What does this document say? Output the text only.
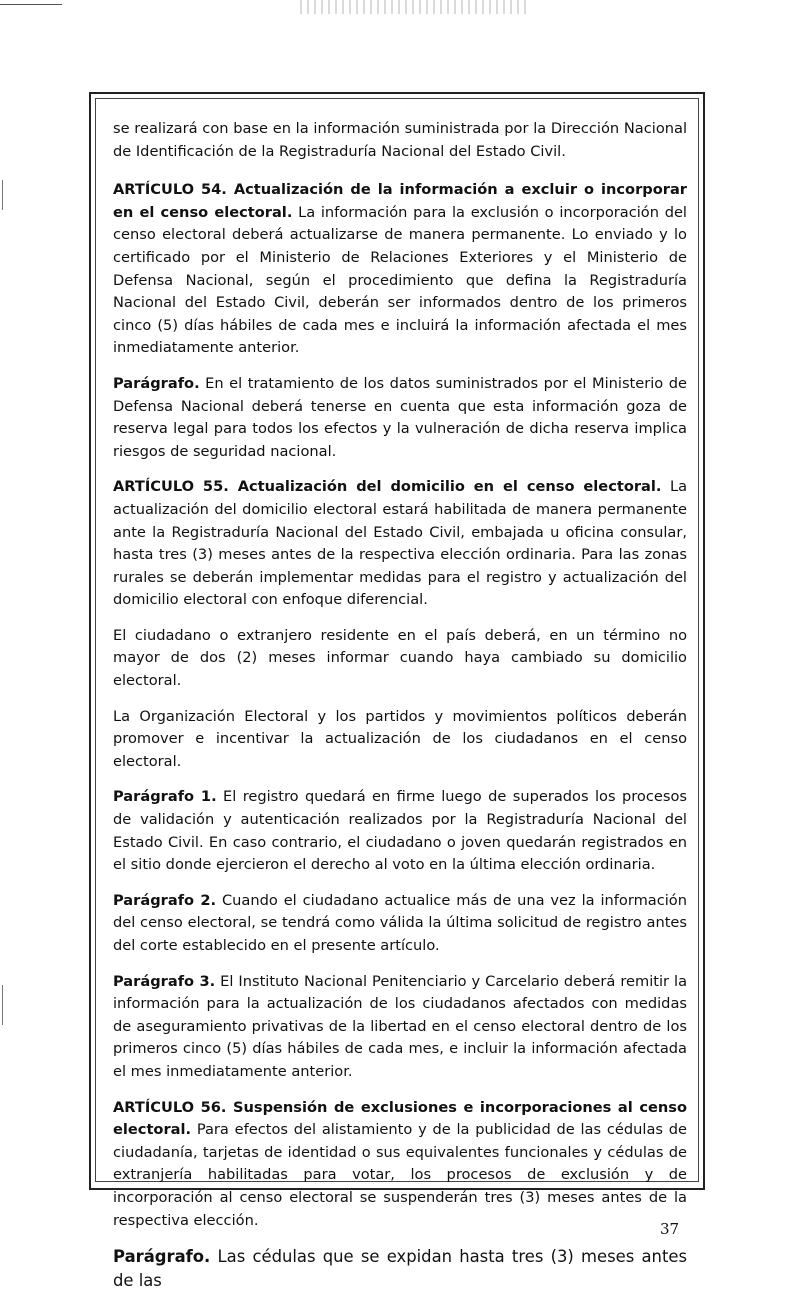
se realizará con base en la información suministrada por la Dirección Nacional de Identificación de la Registraduría Nacional del Estado Civil.

ARTÍCULO 54. Actualización de la información a excluir o incorporar en el censo electoral. La información para la exclusión o incorporación del censo electoral deberá actualizarse de manera permanente. Lo enviado y lo certificado por el Ministerio de Relaciones Exteriores y el Ministerio de Defensa Nacional, según el procedimiento que defina la Registraduría Nacional del Estado Civil, deberán ser informados dentro de los primeros cinco (5) días hábiles de cada mes e incluirá la información afectada el mes inmediatamente anterior.

Parágrafo. En el tratamiento de los datos suministrados por el Ministerio de Defensa Nacional deberá tenerse en cuenta que esta información goza de reserva legal para todos los efectos y la vulneración de dicha reserva implica riesgos de seguridad nacional.

ARTÍCULO 55. Actualización del domicilio en el censo electoral. La actualización del domicilio electoral estará habilitada de manera permanente ante la Registraduría Nacional del Estado Civil, embajada u oficina consular, hasta tres (3) meses antes de la respectiva elección ordinaria. Para las zonas rurales se deberán implementar medidas para el registro y actualización del domicilio electoral con enfoque diferencial.

El ciudadano o extranjero residente en el país deberá, en un término no mayor de dos (2) meses informar cuando haya cambiado su domicilio electoral.

La Organización Electoral y los partidos y movimientos políticos deberán promover e incentivar la actualización de los ciudadanos en el censo electoral.

Parágrafo 1. El registro quedará en firme luego de superados los procesos de validación y autenticación realizados por la Registraduría Nacional del Estado Civil. En caso contrario, el ciudadano o joven quedarán registrados en el sitio donde ejercieron el derecho al voto en la última elección ordinaria.

Parágrafo 2. Cuando el ciudadano actualice más de una vez la información del censo electoral, se tendrá como válida la última solicitud de registro antes del corte establecido en el presente artículo.

Parágrafo 3. El Instituto Nacional Penitenciario y Carcelario deberá remitir la información para la actualización de los ciudadanos afectados con medidas de aseguramiento privativas de la libertad en el censo electoral dentro de los primeros cinco (5) días hábiles de cada mes, e incluir la información afectada el mes inmediatamente anterior.

ARTÍCULO 56. Suspensión de exclusiones e incorporaciones al censo electoral. Para efectos del alistamiento y de la publicidad de las cédulas de ciudadanía, tarjetas de identidad o sus equivalentes funcionales y cédulas de extranjería habilitadas para votar, los procesos de exclusión y de incorporación al censo electoral se suspenderán tres (3) meses antes de la respectiva elección.

Parágrafo. Las cédulas que se expidan hasta tres (3) meses antes de las

37
